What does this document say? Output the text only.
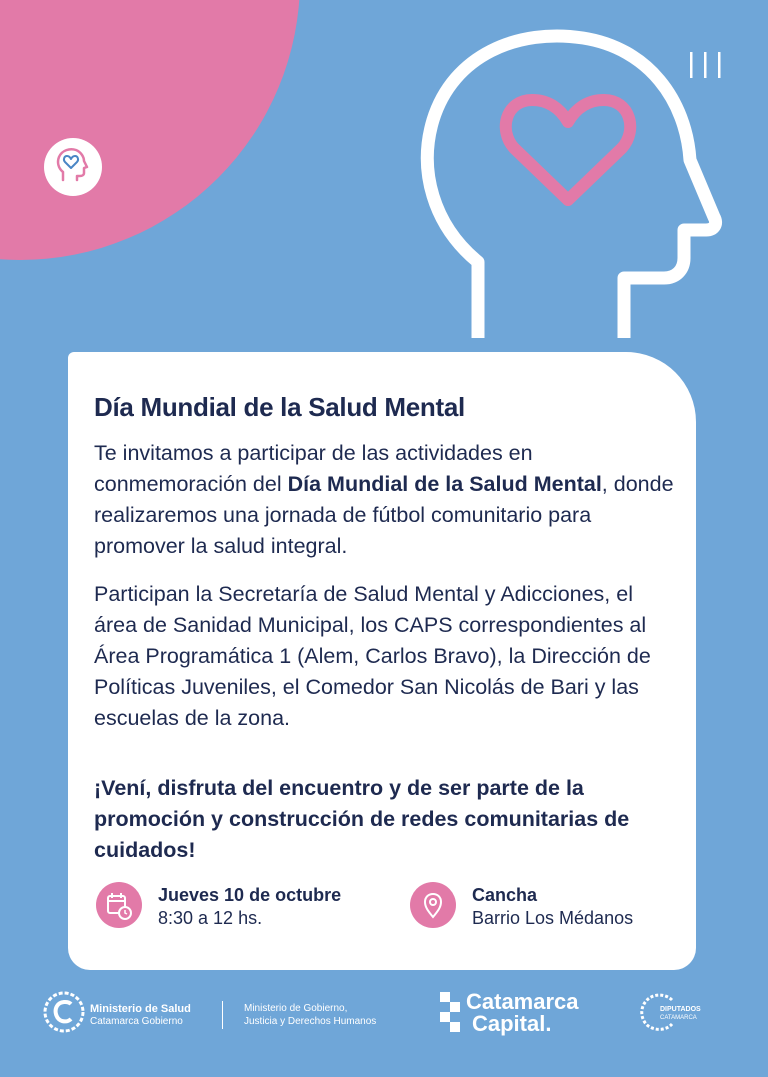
Día Mundial de la Salud Mental

Te invitamos a participar de las actividades en conmemoración del Día Mundial de la Salud Mental, donde realizaremos una jornada de fútbol comunitario para promover la salud integral.

Participan la Secretaría de Salud Mental y Adicciones, el área de Sanidad Municipal, los CAPS correspondientes al Área Programática 1 (Alem, Carlos Bravo), la Dirección de Políticas Juveniles, el Comedor San Nicolás de Bari y las escuelas de la zona.

¡Vení, disfruta del encuentro y de ser parte de la promoción y construcción de redes comunitarias de cuidados!

Jueves 10 de octubre
8:30 a 12 hs.
Cancha
Barrio Los Médanos
Ministerio de Salud
Catamarca Gobierno
Ministerio de Gobierno,
Justicia y Derechos Humanos
Catamarca
Capital.
DIPUTADOS
CATAMARCA
